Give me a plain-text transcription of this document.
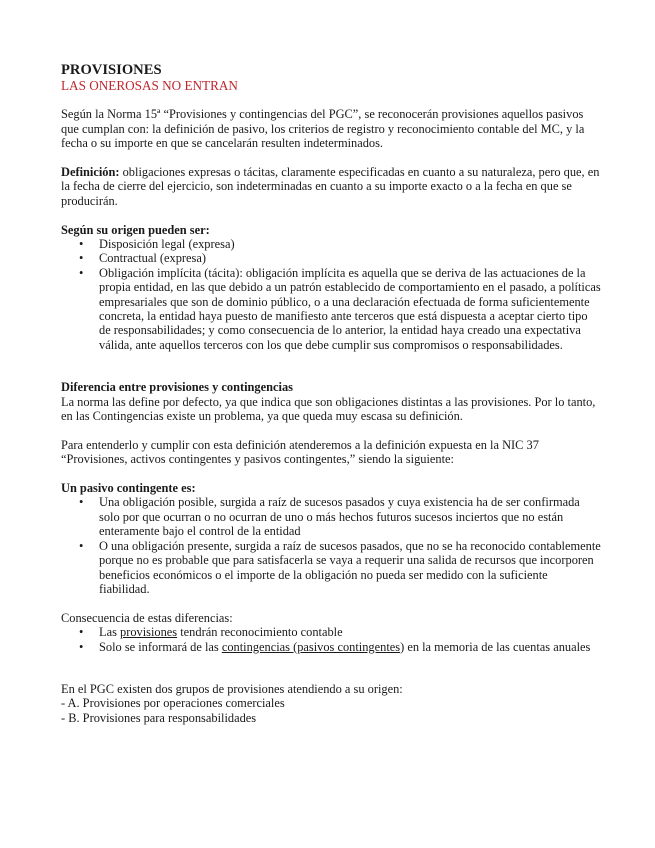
PROVISIONES

LAS ONEROSAS NO ENTRAN

Según la Norma 15ª “Provisiones y contingencias del PGC”, se reconocerán provisiones aquellos pasivos que cumplan con: la definición de pasivo, los criterios de registro y reconocimiento contable del MC, y la fecha o su importe en que se cancelarán resulten indeterminados.

Definición: obligaciones expresas o tácitas, claramente especificadas en cuanto a su naturaleza, pero que, en la fecha de cierre del ejercicio, son indeterminadas en cuanto a su importe exacto o a la fecha en que se producirán.

Según su origen pueden ser:

• Disposición legal (expresa)
• Contractual (expresa)
• Obligación implícita (tácita): obligación implícita es aquella que se deriva de las actuaciones de la propia entidad, en las que debido a un patrón establecido de comportamiento en el pasado, a políticas empresariales que son de dominio público, o a una declaración efectuada de forma suficientemente concreta, la entidad haya puesto de manifiesto ante terceros que está dispuesta a aceptar cierto tipo de responsabilidades; y como consecuencia de lo anterior, la entidad haya creado una expectativa válida, ante aquellos terceros con los que debe cumplir sus compromisos o responsabilidades.

Diferencia entre provisiones y contingencias

La norma las define por defecto, ya que indica que son obligaciones distintas a las provisiones. Por lo tanto, en las Contingencias existe un problema, ya que queda muy escasa su definición.

Para entenderlo y cumplir con esta definición atenderemos a la definición expuesta en la NIC 37 “Provisiones, activos contingentes y pasivos contingentes,” siendo la siguiente:

Un pasivo contingente es:

• Una obligación posible, surgida a raíz de sucesos pasados y cuya existencia ha de ser confirmada solo por que ocurran o no ocurran de uno o más hechos futuros sucesos inciertos que no están enteramente bajo el control de la entidad
• O una obligación presente, surgida a raíz de sucesos pasados, que no se ha reconocido contablemente porque no es probable que para satisfacerla se vaya a requerir una salida de recursos que incorporen beneficios económicos o el importe de la obligación no pueda ser medido con la suficiente fiabilidad.

Consecuencia de estas diferencias:

• Las provisiones tendrán reconocimiento contable
• Solo se informará de las contingencias (pasivos contingentes) en la memoria de las cuentas anuales

En el PGC existen dos grupos de provisiones atendiendo a su origen:

- A. Provisiones por operaciones comerciales

- B. Provisiones para responsabilidades
